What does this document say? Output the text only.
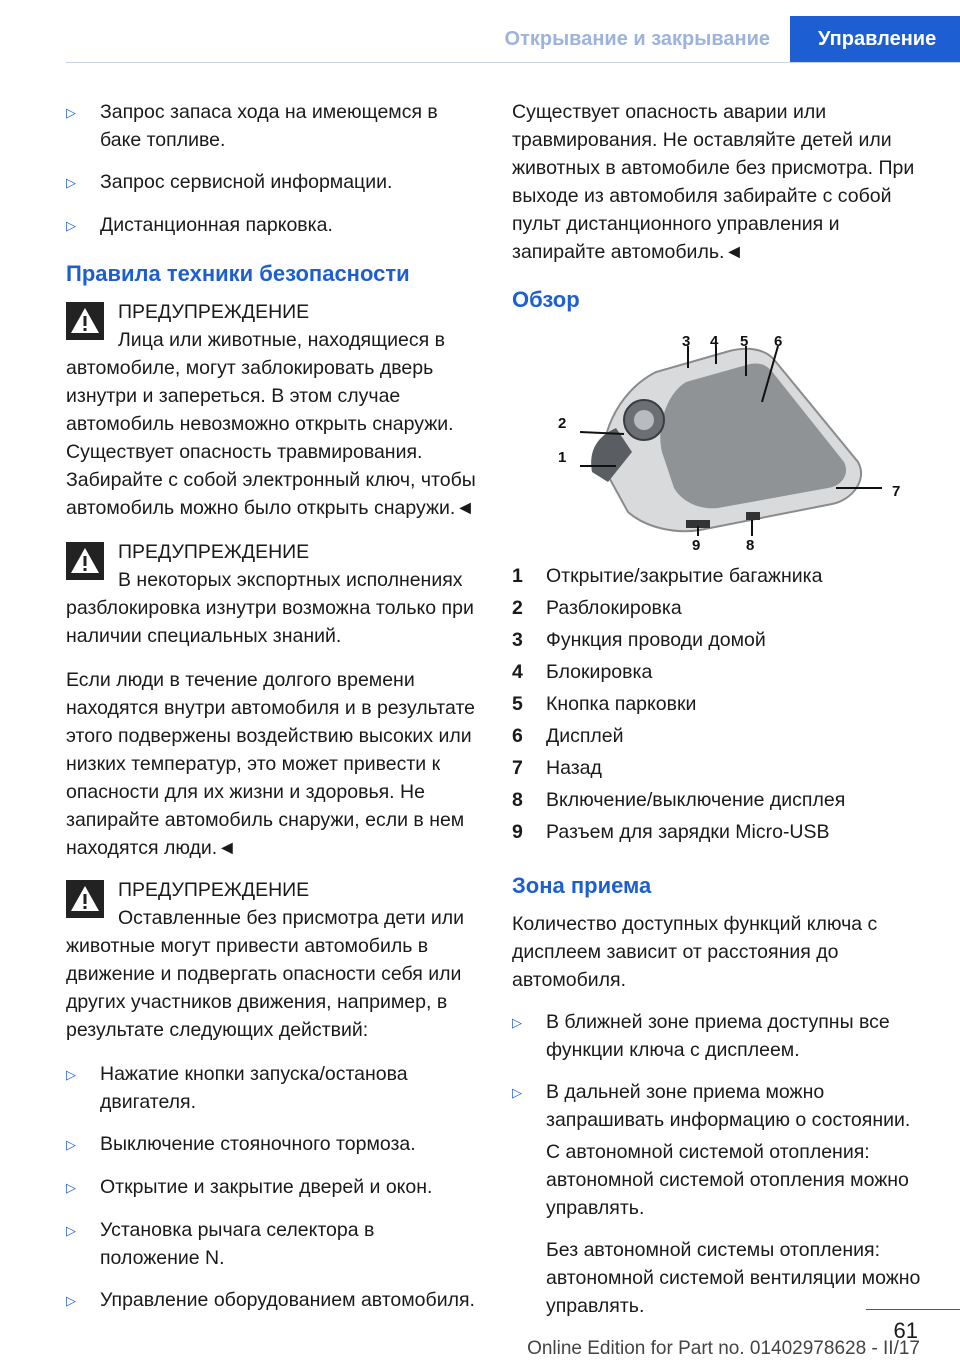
Открывание и закрывание	Управление
▷	Запрос запаса хода на имеющемся в баке топливе.
▷	Запрос сервисной информации.
▷	Дистанционная парковка.
Правила техники безопасности
ПРЕДУПРЕЖДЕНИЕ
Лица или животные, находящиеся в автомобиле, могут заблокировать дверь изнутри и запереться. В этом случае автомобиль невозможно открыть снаружи. Существует опасность травмирования. Забирайте с собой электронный ключ, чтобы автомобиль можно было открыть снаружи.◄
ПРЕДУПРЕЖДЕНИЕ
В некоторых экспортных исполнениях разблокировка изнутри возможна только при наличии специальных знаний.

Если люди в течение долгого времени находятся внутри автомобиля и в результате этого подвержены воздействию высоких или низких температур, это может привести к опасности для их жизни и здоровья. Не запирайте автомобиль снаружи, если в нем находятся люди.◄

ПРЕДУПРЕЖДЕНИЕ
Оставленные без присмотра дети или животные могут привести автомобиль в движение и подвергать опасности себя или других участников движения, например, в результате следующих действий:
▷	Нажатие кнопки запуска/останова двигателя.
▷	Выключение стояночного тормоза.
▷	Открытие и закрытие дверей и окон.
▷	Установка рычага селектора в положение N.
▷	Управление оборудованием автомобиля.

Существует опасность аварии или травмирования. Не оставляйте детей или животных в автомобиле без присмотра. При выходе из автомобиля забирайте с собой пульт дистанционного управления и запирайте автомобиль.◄

Обзор
1
2
3 4 5 6
7
8
9
1	Открытие/закрытие багажника
2	Разблокировка
3	Функция проводи домой
4	Блокировка
5	Кнопка парковки
6	Дисплей
7	Назад
8	Включение/выключение дисплея
9	Разъем для зарядки Micro-USB
Зона приема

Количество доступных функций ключа с дисплеем зависит от расстояния до автомобиля.

▷	В ближней зоне приема доступны все функции ключа с дисплеем.
▷	В дальней зоне приема можно запрашивать информацию о состоянии.

С автономной системой отопления: автономной системой отопления можно управлять.

Без автономной системы отопления: автономной системой вентиляции можно управлять.

61
Online Edition for Part no. 01402978628 - II/17
